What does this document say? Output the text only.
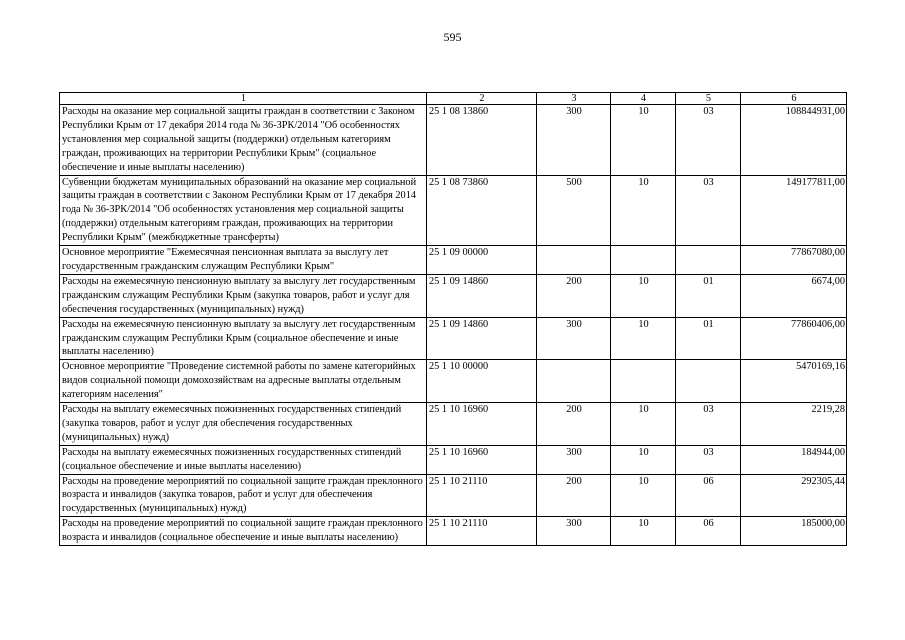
595
1	2	3	4	5	6
Расходы на оказание мер социальной защиты граждан в соответствии с Законом Республики Крым от 17 декабря 2014 года № 36-ЗРК/2014 "Об особенностях установления мер социальной защиты (поддержки) отдельным категориям граждан, проживающих на территории Республики Крым" (социальное обеспечение и иные выплаты населению)	25 1 08 13860	300	10	03	108844931,00
Субвенции бюджетам муниципальных образований на оказание мер социальной защиты граждан в соответствии с Законом Республики Крым от 17 декабря 2014 года № 36-ЗРК/2014 "Об особенностях установления мер социальной защиты (поддержки) отдельным категориям граждан, проживающих на территории Республики Крым" (межбюджетные трансферты)	25 1 08 73860	500	10	03	149177811,00
Основное мероприятие "Ежемесячная пенсионная выплата за выслугу лет государственным гражданским служащим Республики Крым"	25 1 09 00000				77867080,00
Расходы на ежемесячную пенсионную выплату за выслугу лет государственным гражданским служащим Республики Крым (закупка товаров, работ и услуг для обеспечения государственных (муниципальных) нужд)	25 1 09 14860	200	10	01	6674,00
Расходы на ежемесячную пенсионную выплату за выслугу лет государственным гражданским служащим Республики Крым (социальное обеспечение и иные выплаты населению)	25 1 09 14860	300	10	01	77860406,00
Основное мероприятие "Проведение системной работы по замене категорийных видов социальной помощи домохозяйствам на адресные выплаты отдельным категориям населения"	25 1 10 00000				5470169,16
Расходы на выплату ежемесячных пожизненных государственных стипендий (закупка товаров, работ и услуг для обеспечения государственных (муниципальных) нужд)	25 1 10 16960	200	10	03	2219,28
Расходы на выплату ежемесячных пожизненных государственных стипендий (социальное обеспечение и иные выплаты населению)	25 1 10 16960	300	10	03	184944,00
Расходы на проведение мероприятий по социальной защите граждан преклонного возраста и инвалидов (закупка товаров, работ и услуг для обеспечения государственных (муниципальных) нужд)	25 1 10 21110	200	10	06	292305,44
Расходы на проведение мероприятий по социальной защите граждан преклонного возраста и инвалидов (социальное обеспечение и иные выплаты населению)	25 1 10 21110	300	10	06	185000,00
